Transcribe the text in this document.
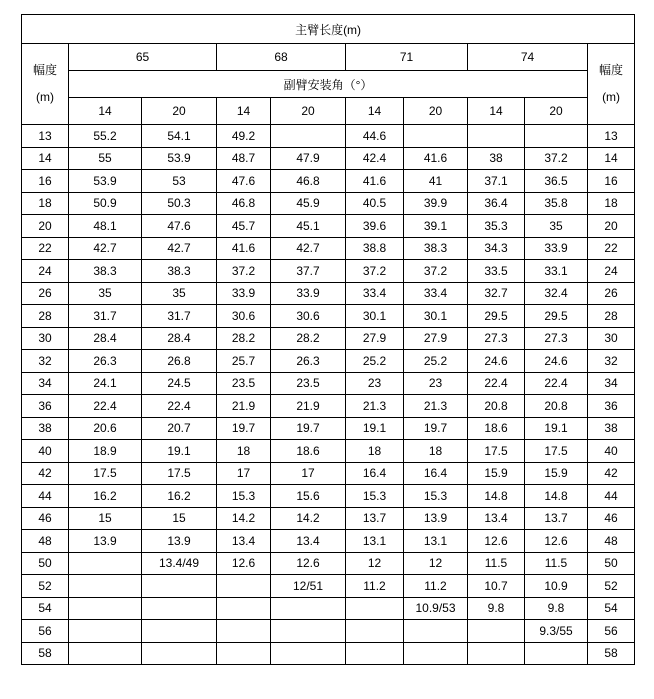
主臂长度(m)									
幅度
(m)	65		68		71		74		幅度
(m)
	副臂安装角（°）								
	14	20	14	20	14	20	14	20	
13	55.2	54.1	49.2		44.6				13
14	55	53.9	48.7	47.9	42.4	41.6	38	37.2	14
16	53.9	53	47.6	46.8	41.6	41	37.1	36.5	16
18	50.9	50.3	46.8	45.9	40.5	39.9	36.4	35.8	18
20	48.1	47.6	45.7	45.1	39.6	39.1	35.3	35	20
22	42.7	42.7	41.6	42.7	38.8	38.3	34.3	33.9	22
24	38.3	38.3	37.2	37.7	37.2	37.2	33.5	33.1	24
26	35	35	33.9	33.9	33.4	33.4	32.7	32.4	26
28	31.7	31.7	30.6	30.6	30.1	30.1	29.5	29.5	28
30	28.4	28.4	28.2	28.2	27.9	27.9	27.3	27.3	30
32	26.3	26.8	25.7	26.3	25.2	25.2	24.6	24.6	32
34	24.1	24.5	23.5	23.5	23	23	22.4	22.4	34
36	22.4	22.4	21.9	21.9	21.3	21.3	20.8	20.8	36
38	20.6	20.7	19.7	19.7	19.1	19.7	18.6	19.1	38
40	18.9	19.1	18	18.6	18	18	17.5	17.5	40
42	17.5	17.5	17	17	16.4	16.4	15.9	15.9	42
44	16.2	16.2	15.3	15.6	15.3	15.3	14.8	14.8	44
46	15	15	14.2	14.2	13.7	13.9	13.4	13.7	46
48	13.9	13.9	13.4	13.4	13.1	13.1	12.6	12.6	48
50		13.4/49	12.6	12.6	12	12	11.5	11.5	50
52				12/51	11.2	11.2	10.7	10.9	52
54						10.9/53	9.8	9.8	54
56								9.3/55	56
58									58
